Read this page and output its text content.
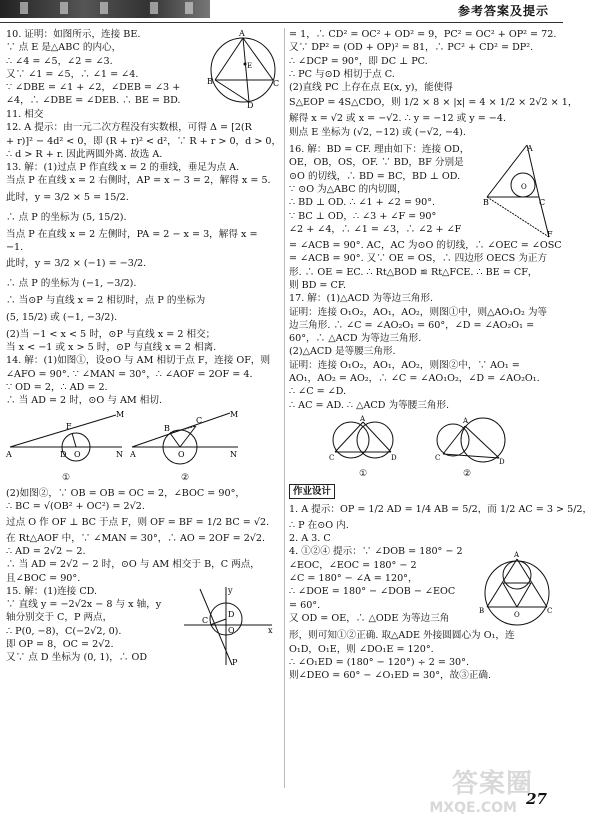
参考答案及提示
10. 证明：如图所示，连接 BE.
∵ 点 E 是△ABC 的内心，
∴ ∠4 = ∠5，∠2 = ∠3.
又∵ ∠1 = ∠5，∴ ∠1 = ∠4.
∵ ∠DBE = ∠1 + ∠2，∠DEB = ∠3 +
∠4，∴ ∠DBE = ∠DEB. ∴ BE = BD.
A
B	C
D
E
11. 相交
12. A 提示：由一元二次方程没有实数根，可得 Δ = [2(R
+ r)]² − 4d² < 0，即 (R + r)² < d²，∵ R + r > 0，d > 0，
∴ d > R + r. 因此两圆外离. 故选 A.
13. 解：(1)过点 P 作直线 x = 2 的垂线，垂足为点 A.
当点 P 在直线 x = 2 右侧时，AP = x − 3 = 2，解得 x = 5.
此时，y = 3/2 × 5 = 15/2.
∴ 点 P 的坐标为 (5, 15/2).
当点 P 在直线 x = 2 左侧时，PA = 2 − x = 3，解得 x =
−1.
此时，y = 3/2 × (−1) = −3/2.
∴ 点 P 的坐标为 (−1, −3/2).
∴ 当⊙P 与直线 x = 2 相切时，点 P 的坐标为
(5, 15/2) 或 (−1, −3/2).
(2)当 −1 < x < 5 时，⊙P 与直线 x = 2 相交；
当 x < −1 或 x > 5 时，⊙P 与直线 x = 2 相离.
14. 解：(1)如图①，设⊙O 与 AM 相切于点 F，连接 OF，则
∠AFO = 90°. ∵ ∠MAN = 30°，∴ ∠AOF = 2OF = 4.
∵ OD = 2，∴ AD = 2.
∴ 当 AD = 2 时，⊙O 与 AM 相切.
A	D O	N
M
F
①
A	O
B
C
M
N
②
(2)如图②，∵ OB = OB = OC = 2，∠BOC = 90°，
∴ BC = √(OB² + OC²) = 2√2.
过点 O 作 OF ⊥ BC 于点 F，则 OF = BF = 1/2 BC = √2.
在 Rt△AOF 中，∵ ∠MAN = 30°，∴ AO = 2OF = 2√2.
∴ AD = 2√2 − 2.
∴ 当 AD = 2√2 − 2 时，⊙O 与 AM 相交于 B，C 两点，
且∠BOC = 90°.
15. 解：(1)连接 CD.
∵ 直线 y = −2√2x − 8 与 x 轴，y
轴分别交于 C，P 两点，
∴ P(0, −8)，C(−2√2, 0).
即 OP = 8，OC = 2√2.
又∵ 点 D 坐标为 (0, 1)，∴ OD
y
x
D
C
O
P
= 1，∴ CD² = OC² + OD² = 9，PC² = OC² + OP² = 72.
又∵ DP² = (OD + OP)² = 81，∴ PC² + CD² = DP².
∴ ∠DCP = 90°，即 DC ⊥ PC.
∴ PC 与⊙D 相切于点 C.
(2)直线 PC 上存在点 E(x, y)，能使得
S△EOP = 4S△CDO，则 1/2 × 8 × |x| = 4 × 1/2 × 2√2 × 1，
解得 x = √2 或 x = −√2. ∴ y = −12 或 y = −4.
则点 E 坐标为 (√2, −12) 或 (−√2, −4).
16. 解：BD = CF. 理由如下：连接 OD，
OE，OB，OS，OF. ∵ BD，BF 分别是
⊙O 的切线，∴ BD = BC，BD ⊥ OD.
∵ ⊙O 为△ABC 的内切圆，
∴ BD ⊥ OD. ∴ ∠1 + ∠2 = 90°.
∵ BC ⊥ OD，∴ ∠3 + ∠F = 90°
∠2 + ∠4，∴ ∠1 = ∠3，∴ ∠2 + ∠F
A
B	C
F
O
= ∠ACB = 90°. AC，AC 为⊙O 的切线，∴ ∠OEC = ∠OSC
= ∠ACB = 90°. 又∵ OE = OS，∴ 四边形 OECS 为正方
形. ∴ OE = EC. ∴ Rt△BOD ≌ Rt△FCE. ∴ BE = CF，
则 BD = CF.
17. 解：(1)△ACD 为等边三角形.
证明：连接 O₁O₂，AO₁，AO₂，则图①中，则△AO₁O₂ 为等
边三角形. ∴ ∠C = ∠AO₂O₁ = 60°，∠D = ∠AO₂O₁ =
60°，∴ △ACD 为等边三角形.
(2)△ACD 是等腰三角形.
证明：连接 O₁O₂，AO₁，AO₂，则图②中，∵ AO₁ =
AO₁，AO₂ = AO₂，∴ ∠C = ∠AO₁O₂，∠D = ∠AO₂O₁.
∴ ∠C = ∠D.
∴ AC = AD. ∴ △ACD 为等腰三角形.
A
C	D
①
A
C	D
②
作业设计
1. A 提示：OP = 1/2 AD = 1/4 AB = 5/2，而 1/2 AC = 3 > 5/2，
∴ P 在⊙O 内.
2. A 3. C
4. ①②④ 提示：∵ ∠DOB = 180° − 2
∠EOC，∠EOC = 180° − 2
∠C = 180° − ∠A = 120°，
∴ ∠DOE = 180° − ∠DOB − ∠EOC
= 60°.
又 OD = OE，∴ △ODE 为等边三角
A
B	C
O
形，则可知①②正确. 取△ADE 外接圆圆心为 O₁，连
O₁D，O₁E，则 ∠DO₁E = 120°.
∴ ∠O₁ED = (180° − 120°) ÷ 2 = 30°.
则∠DEO = 60° − ∠O₁ED = 30°，故③正确.
答案圈
MXQE.COM 27
